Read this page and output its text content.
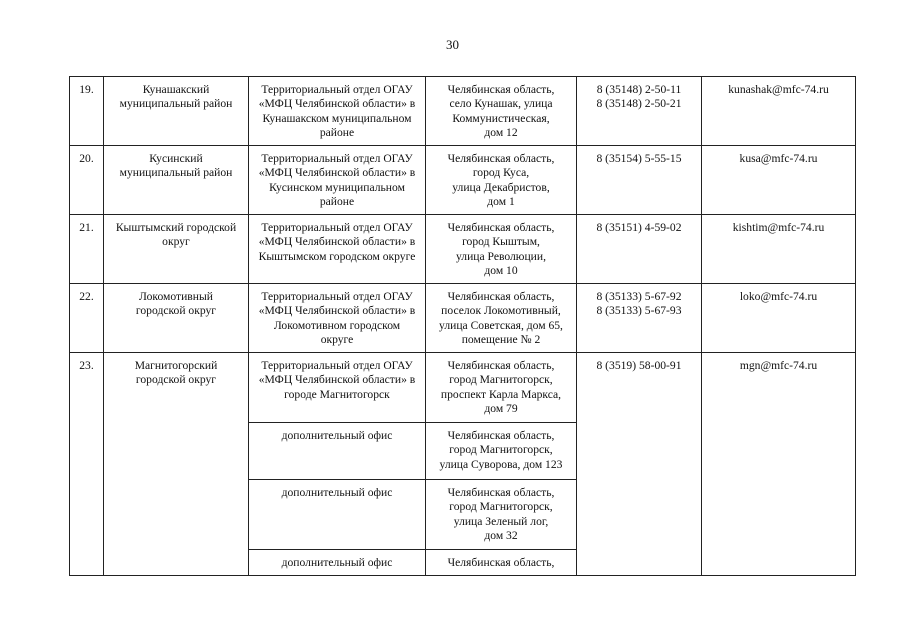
30
19.	Кунашакский
муниципальный район	Территориальный отдел ОГАУ
«МФЦ Челябинской области» в
Кунашакском муниципальном
районе	Челябинская область,
село Кунашак, улица
Коммунистическая,
дом 12	8 (35148) 2-50-11
8 (35148) 2-50-21	kunashak@mfc-74.ru

20.	Кусинский
муниципальный район	Территориальный отдел ОГАУ
«МФЦ Челябинской области» в
Кусинском муниципальном
районе	Челябинская область,
город Куса,
улица Декабристов,
дом 1	8 (35154) 5-55-15	kusa@mfc-74.ru

21.	Кыштымский городской
округ	Территориальный отдел ОГАУ
«МФЦ Челябинской области» в
Кыштымском городском округе	Челябинская область,
город Кыштым,
улица Революции,
дом 10	8 (35151) 4-59-02	kishtim@mfc-74.ru

22.	Локомотивный
городской округ	Территориальный отдел ОГАУ
«МФЦ Челябинской области» в
Локомотивном городском
округе	Челябинская область,
поселок Локомотивный,
улица Советская, дом 65,
помещение № 2	8 (35133) 5-67-92
8 (35133) 5-67-93	loko@mfc-74.ru

23.	Магнитогорский
городской округ	Территориальный отдел ОГАУ
«МФЦ Челябинской области» в
городе Магнитогорск	Челябинская область,
город Магнитогорск,
проспект Карла Маркса,
дом 79	8 (3519) 58-00-91	mgn@mfc-74.ru

		дополнительный офис	Челябинская область,
город Магнитогорск,
улица Суворова, дом 123		

		дополнительный офис	Челябинская область,
город Магнитогорск,
улица Зеленый лог,
дом 32		

		дополнительный офис	Челябинская область,		
